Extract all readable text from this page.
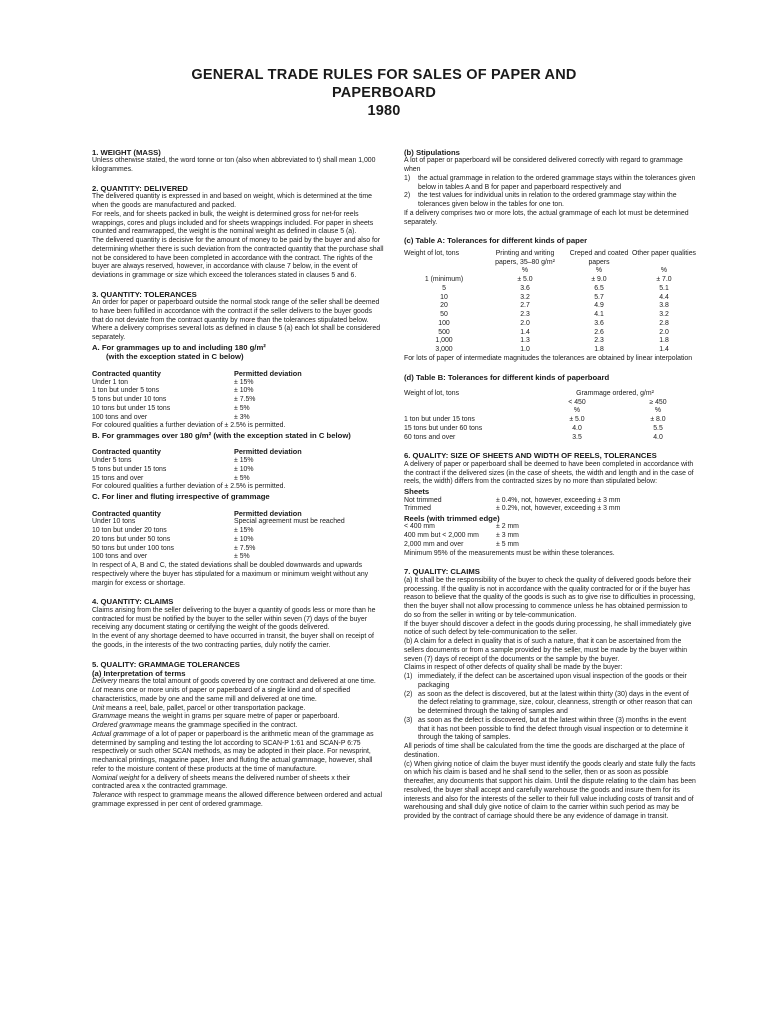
GENERAL TRADE RULES FOR SALES OF PAPER AND
PAPERBOARD
1980
1. WEIGHT (MASS)

Unless otherwise stated, the word tonne or ton (also when abbreviated to t) shall mean 1,000 kilogrammes.

2. QUANTITY: DELIVERED

The delivered quantity is expressed in and based on weight, which is determined at the time when the goods are manufactured and packed.

For reels, and for sheets packed in bulk, the weight is determined gross for net-for reels wrappings, cores and plugs included and for sheets wrappings included. For paper in sheets counted and reamwrapped, the weight is the nominal weight as defined in clause 5 (a).

The delivered quantity is decisive for the amount of money to be paid by the buyer and also for determining whether there is such deviation from the contracted quantity that the purchase shall not be considered to have been completed in accordance with the contract. The rights of the buyer are always reserved, however, in accordance with clause 7 below, in the event of deviations in grammage or size which exceed the tolerances stated in clauses 5 and 6.

3. QUANTITY: TOLERANCES

An order for paper or paperboard outside the normal stock range of the seller shall be deemed to have been fulfilled in accordance with the contract if the seller delivers to the buyer goods that do not deviate from the contract quantity by more than the tolerances stipulated below. Where a delivery comprises several lots as defined in clause 5 (a) each lot shall be considered separately.

A. For grammages up to and including 180 g/m²
(with the exception stated in C below)
Contracted quantity	Permitted deviation
Under 1 ton	± 15%
1 ton but under 5 tons	± 10%
5 tons but under 10 tons	± 7.5%
10 tons but under 15 tons	± 5%
100 tons and over	± 3%

For coloured qualities a further deviation of ± 2.5% is permitted.

B. For grammages over 180 g/m² (with the exception stated in C below)
Contracted quantity	Permitted deviation
Under 5 tons	± 15%
5 tons but under 15 tons	± 10%
15 tons and over	± 5%

For coloured qualities a further deviation of ± 2.5% is permitted.

C. For liner and fluting irrespective of grammage
Contracted quantity	Permitted deviation
Under 10 tons	Special agreement must be reached
10 ton but under 20 tons	± 15%
20 tons but under 50 tons	± 10%
50 tons but under 100 tons	± 7.5%
100 tons and over	± 5%

In respect of A, B and C, the stated deviations shall be doubled downwards and upwards respectively where the buyer has stipulated for a maximum or minimum weight without any margin for excess or shortage.

4. QUANTITY: CLAIMS

Claims arising from the seller delivering to the buyer a quantity of goods less or more than he contracted for must be notified by the buyer to the seller within seven (7) days of the buyer receiving any document stating or certifying the weight of the goods delivered.

In the event of any shortage deemed to have occurred in transit, the buyer shall on receipt of the goods, in the interests of the two contracting parties, duly notify the carrier.

5. QUALITY: GRAMMAGE TOLERANCES
(a) Interpretation of terms

Delivery means the total amount of goods covered by one contract and delivered at one time.

Lot means one or more units of paper or paperboard of a single kind and of specified characteristics, made by one and the same mill and delivered at one time.

Unit means a reel, bale, pallet, parcel or other transportation package.

Grammage means the weight in grams per square metre of paper or paperboard.

Ordered grammage means the grammage specified in the contract.

Actual grammage of a lot of paper or paperboard is the arithmetic mean of the grammage as determined by sampling and testing the lot according to SCAN-P 1:61 and SCAN-P 6:75 respectively or such other SCAN methods, as may be adopted in their place. For newsprint, mechanical printings, magazine paper, liner and fluting the actual grammage, however, shall refer to the moisture content of these products at the time of manufacture.

Nominal weight for a delivery of sheets means the delivered number of sheets x their contracted area x the contracted grammage.

Tolerance with respect to grammage means the allowed difference between ordered and actual grammage expressed in per cent of ordered grammage.

(b) Stipulations

A lot of paper or paperboard will be considered delivered correctly with regard to grammage when

1)	the actual grammage in relation to the ordered grammage stays within the tolerances given below in tables A and B for paper and paperboard respectively and
2)	the test values for individual units in relation to the ordered grammage stay within the tolerances given below in the tables for one ton.

If a delivery comprises two or more lots, the actual grammage of each lot must be determined separately.

(c) Table A: Tolerances for different kinds of paper
Weight of lot, tons	Printing and writing papers, 35–80 g/m²	Creped and coated papers	Other paper qualities
	%	%	%
1 (minimum)	± 5.0	± 9.0	± 7.0
5	3.6	6.5	5.1
10	3.2	5.7	4.4
20	2.7	4.9	3.8
50	2.3	4.1	3.2
100	2.0	3.6	2.8
500	1.4	2.6	2.0
1,000	1.3	2.3	1.8
3,000	1.0	1.8	1.4

For lots of paper of intermediate magnitudes the tolerances are obtained by linear interpolation

(d) Table B: Tolerances for different kinds of paperboard
Weight of lot, tons	Grammage ordered, g/m²	
	< 450	≥ 450
	%	%
1 ton but under 15 tons	± 5.0	± 8.0
15 tons but under 60 tons	4.0	5.5
60 tons and over	3.5	4.0
6. QUALITY: SIZE OF SHEETS AND WIDTH OF REELS, TOLERANCES

A delivery of paper or paperboard shall be deemed to have been completed in accordance with the contract if the delivered sizes (in the case of sheets, the width and length and in the case of reels, the width) differs from the contracted sizes by no more than stipulated below:

Sheets
Not trimmed	± 0.4%, not, however, exceeding ± 3 mm
Trimmed	± 0.2%, not, however, exceeding ± 3 mm
Reels (with trimmed edge)
< 400 mm	± 2 mm
400 mm but < 2,000 mm	± 3 mm
2,000 mm and over	± 5 mm

Minimum 95% of the measurements must be within these tolerances.

7. QUALITY: CLAIMS

(a) It shall be the responsibility of the buyer to check the quality of delivered goods before their processing. If the quality is not in accordance with the quality contracted for or if the buyer has reason to believe that the quality of the goods is such as to give rise to difficulties in processing, then the buyer shall not allow processing to commence unless he has obtained permission to do so from the seller in writing or by tele-communication.

If the buyer should discover a defect in the goods during processing, he shall immediately give notice of such defect by tele-communication to the seller.

(b) A claim for a defect in quality that is of such a nature, that it can be ascertained from the sellers documents or from a sample provided by the seller, must be made by the buyer within seven (7) days of receipt of the documents or the sample by the buyer.

Claims in respect of other defects of quality shall be made by the buyer:

(1) immediately, if the defect can be ascertained upon visual inspection of the goods or their packaging
(2) as soon as the defect is discovered, but at the latest within thirty (30) days in the event of the defect relating to grammage, size, colour, cleanness, strength or other reason that can be determined through the taking of samples and
(3) as soon as the defect is discovered, but at the latest within three (3) months in the event that it has not been possible to find the defect through visual inspection or to determine it through the taking of samples.

All periods of time shall be calculated from the time the goods are discharged at the place of destination.

(c) When giving notice of claim the buyer must identify the goods clearly and state fully the facts on which his claim is based and he shall send to the seller, then or as soon as possible thereafter, any documents that support his claim. Until the dispute relating to the claim has been resolved, the buyer shall accept and carefully warehouse the goods and insure them for its interests and also for the interests of the seller to their full value including costs of transit and of warehousing and shall duly give notice of claim to the carrier within such period as may be provided by the contract of carriage should there be any evidence of damage in transit.
